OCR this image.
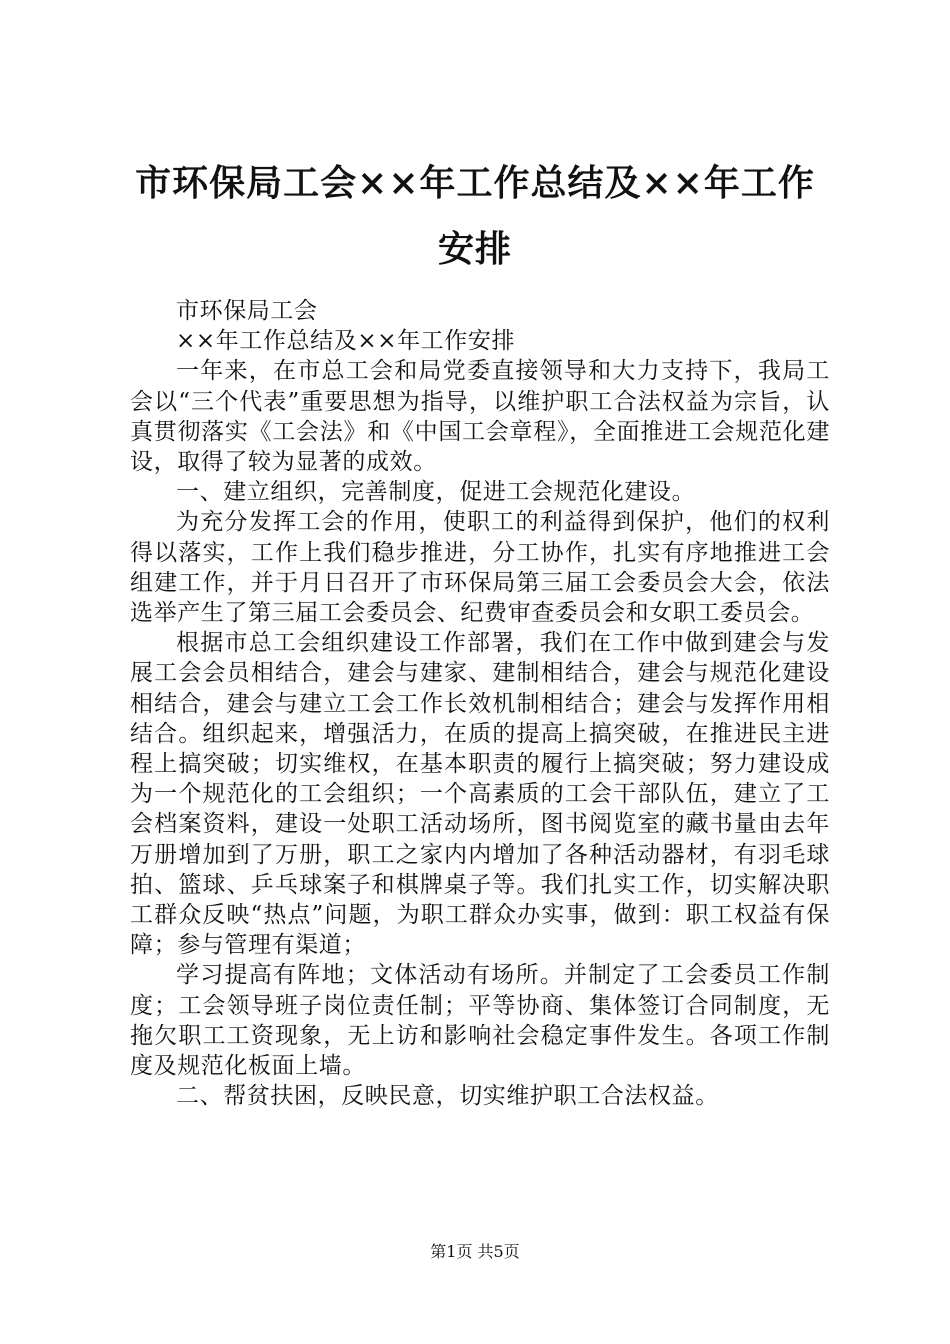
市环保局工会××年工作总结及××年工作安排

市环保局工会

××年工作总结及××年工作安排

一年来，在市总工会和局党委直接领导和大力支持下，我局工会以“三个代表”重要思想为指导，以维护职工合法权益为宗旨，认真贯彻落实《工会法》和《中国工会章程》，全面推进工会规范化建设，取得了较为显著的成效。

一、建立组织，完善制度，促进工会规范化建设。

为充分发挥工会的作用，使职工的利益得到保护，他们的权利得以落实，工作上我们稳步推进，分工协作，扎实有序地推进工会组建工作，并于月日召开了市环保局第三届工会委员会大会，依法选举产生了第三届工会委员会、纪费审查委员会和女职工委员会。

根据市总工会组织建设工作部署，我们在工作中做到建会与发展工会会员相结合，建会与建家、建制相结合，建会与规范化建设相结合，建会与建立工会工作长效机制相结合；建会与发挥作用相结合。组织起来，增强活力，在质的提高上搞突破，在推进民主进程上搞突破；切实维权，在基本职责的履行上搞突破；努力建设成为一个规范化的工会组织；一个高素质的工会干部队伍，建立了工会档案资料，建设一处职工活动场所，图书阅览室的藏书量由去年万册增加到了万册，职工之家内内增加了各种活动器材，有羽毛球拍、篮球、乒乓球案子和棋牌桌子等。我们扎实工作，切实解决职工群众反映“热点”问题，为职工群众办实事，做到：职工权益有保障；参与管理有渠道；

学习提高有阵地；文体活动有场所。并制定了工会委员工作制度；工会领导班子岗位责任制；平等协商、集体签订合同制度，无拖欠职工工资现象，无上访和影响社会稳定事件发生。各项工作制度及规范化板面上墙。

二、帮贫扶困，反映民意，切实维护职工合法权益。

第1页 共5页
